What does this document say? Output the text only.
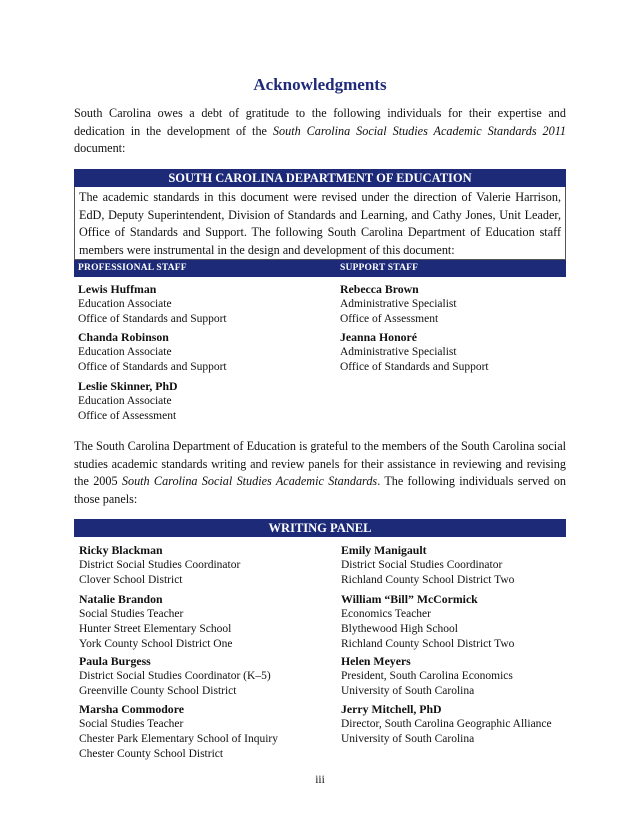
Acknowledgments
South Carolina owes a debt of gratitude to the following individuals for their expertise and dedication in the development of the South Carolina Social Studies Academic Standards 2011 document:
SOUTH CAROLINA DEPARTMENT OF EDUCATION

The academic standards in this document were revised under the direction of Valerie Harrison, EdD, Deputy Superintendent, Division of Standards and Learning, and Cathy Jones, Unit Leader, Office of Standards and Support. The following South Carolina Department of Education staff members were instrumental in the design and development of this document:

PROFESSIONAL STAFF	SUPPORT STAFF
Lewis Huffman
Education Associate
Office of Standards and Support
Chanda Robinson
Education Associate
Office of Standards and Support
Leslie Skinner, PhD
Education Associate
Office of Assessment
Rebecca Brown
Administrative Specialist
Office of Assessment
Jeanna Honoré
Administrative Specialist
Office of Standards and Support
The South Carolina Department of Education is grateful to the members of the South Carolina social studies academic standards writing and review panels for their assistance in reviewing and revising the 2005 South Carolina Social Studies Academic Standards. The following individuals served on those panels:
WRITING PANEL
Ricky Blackman
District Social Studies Coordinator
Clover School District
Natalie Brandon
Social Studies Teacher
Hunter Street Elementary School
York County School District One
Paula Burgess
District Social Studies Coordinator (K–5)
Greenville County School District
Marsha Commodore
Social Studies Teacher
Chester Park Elementary School of Inquiry
Chester County School District
Emily Manigault
District Social Studies Coordinator
Richland County School District Two
William “Bill” McCormick
Economics Teacher
Blythewood High School
Richland County School District Two
Helen Meyers
President, South Carolina Economics
University of South Carolina
Jerry Mitchell, PhD
Director, South Carolina Geographic Alliance
University of South Carolina
iii
